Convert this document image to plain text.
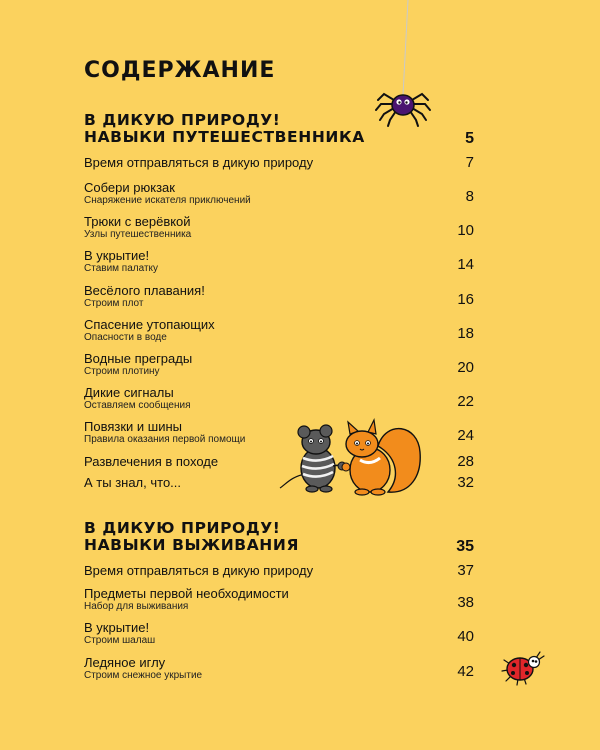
СОДЕРЖАНИЕ
В ДИКУЮ ПРИРОДУ!
НАВЫКИ ПУТЕШЕСТВЕННИКА	5
Время отправляться в дикую природу	7
Собери рюкзак
Снаряжение искателя приключений	8
Трюки с верёвкой
Узлы путешественника	10
В укрытие!
Ставим палатку	14
Весёлого плавания!
Строим плот	16
Спасение утопающих
Опасности в воде	18
Водные преграды
Строим плотину	20
Дикие сигналы
Оставляем сообщения	22
Повязки и шины
Правила оказания первой помощи	24
Развлечения в походе	28
А ты знал, что...	32
В ДИКУЮ ПРИРОДУ!
НАВЫКИ ВЫЖИВАНИЯ	35
Время отправляться в дикую природу	37
Предметы первой необходимости
Набор для выживания	38
В укрытие!
Строим шалаш	40
Ледяное иглу
Строим снежное укрытие	42
